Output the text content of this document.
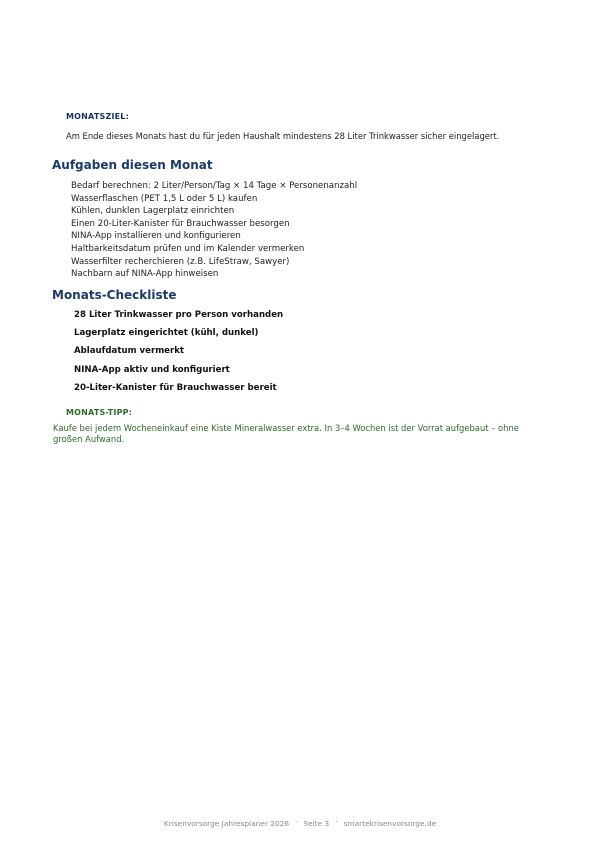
MONATSZIEL:
Am Ende dieses Monats hast du für jeden Haushalt mindestens 28 Liter Trinkwasser sicher eingelagert.
Aufgaben diesen Monat
Bedarf berechnen: 2 Liter/Person/Tag × 14 Tage × Personenanzahl
Wasserflaschen (PET 1,5 L oder 5 L) kaufen
Kühlen, dunklen Lagerplatz einrichten
Einen 20-Liter-Kanister für Brauchwasser besorgen
NINA-App installieren und konfigurieren
Haltbarkeitsdatum prüfen und im Kalender vermerken
Wasserfilter recherchieren (z.B. LifeStraw, Sawyer)
Nachbarn auf NINA-App hinweisen
Monats-Checkliste
28 Liter Trinkwasser pro Person vorhanden
Lagerplatz eingerichtet (kühl, dunkel)
Ablaufdatum vermerkt
NINA-App aktiv und konfiguriert
20-Liter-Kanister für Brauchwasser bereit
MONATS-TIPP:
Kaufe bei jedem Wocheneinkauf eine Kiste Mineralwasser extra. In 3–4 Wochen ist der Vorrat aufgebaut – ohne großen Aufwand.
Krisenvorsorge Jahresplaner 2026 · Seite 3 · smartekrisenvorsorge.de
